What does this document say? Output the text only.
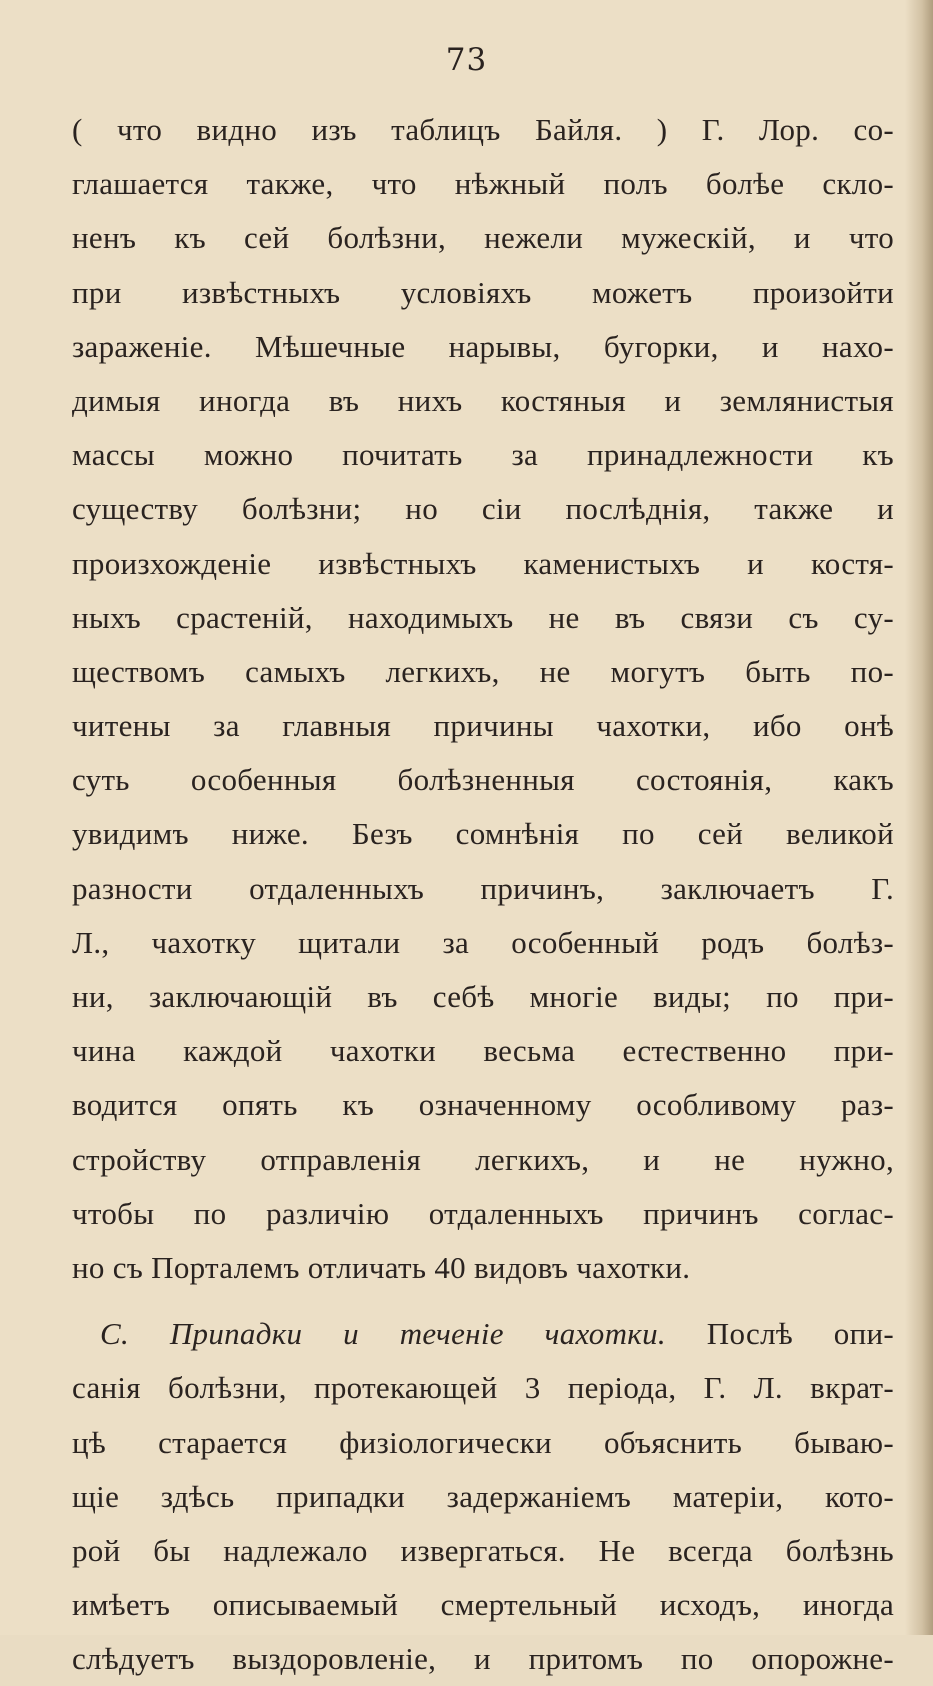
73
( что видно изъ таблицъ Байля. ) Г. Лор. со-
глашается также, что нѣжный полъ болѣе скло-
ненъ къ сей болѣзни, нежели мужескій, и что
при извѣстныхъ условіяхъ можетъ произойти
зараженіе. Мѣшечные нарывы, бугорки, и нахо-
димыя иногда въ нихъ костяныя и землянистыя
массы можно почитать за принадлежности къ
существу болѣзни; но сіи послѣднія, также и
произхожденіе извѣстныхъ каменистыхъ и костя-
ныхъ срастеній, находимыхъ не въ связи съ су-
ществомъ самыхъ легкихъ, не могутъ быть по-
читены за главныя причины чахотки, ибо онѣ
суть особенныя болѣзненныя состоянія, какъ
увидимъ ниже. Безъ сомнѣнія по сей великой
разности отдаленныхъ причинъ, заключаетъ Г.
Л., чахотку щитали за особенный родъ болѣз-
ни, заключающій въ себѣ многіе виды; по при-
чина каждой чахотки весьма естественно при-
водится опять къ означенному особливому раз-
стройству отправленія легкихъ, и не нужно,
чтобы по различію отдаленныхъ причинъ соглас-
но съ Порталемъ отличать 40 видовъ чахотки.
C. Припадки и теченіе чахотки. Послѣ опи-
санія болѣзни, протекающей 3 періода, Г. Л. вкрат-
цѣ старается физіологически объяснить бываю-
щіе здѣсь припадки задержаніемъ матеріи, кото-
рой бы надлежало извергаться. Не всегда болѣзнь
имѣетъ описываемый смертельный исходъ, иногда
слѣдуетъ выздоровленіе, и притомъ по опорожне-
